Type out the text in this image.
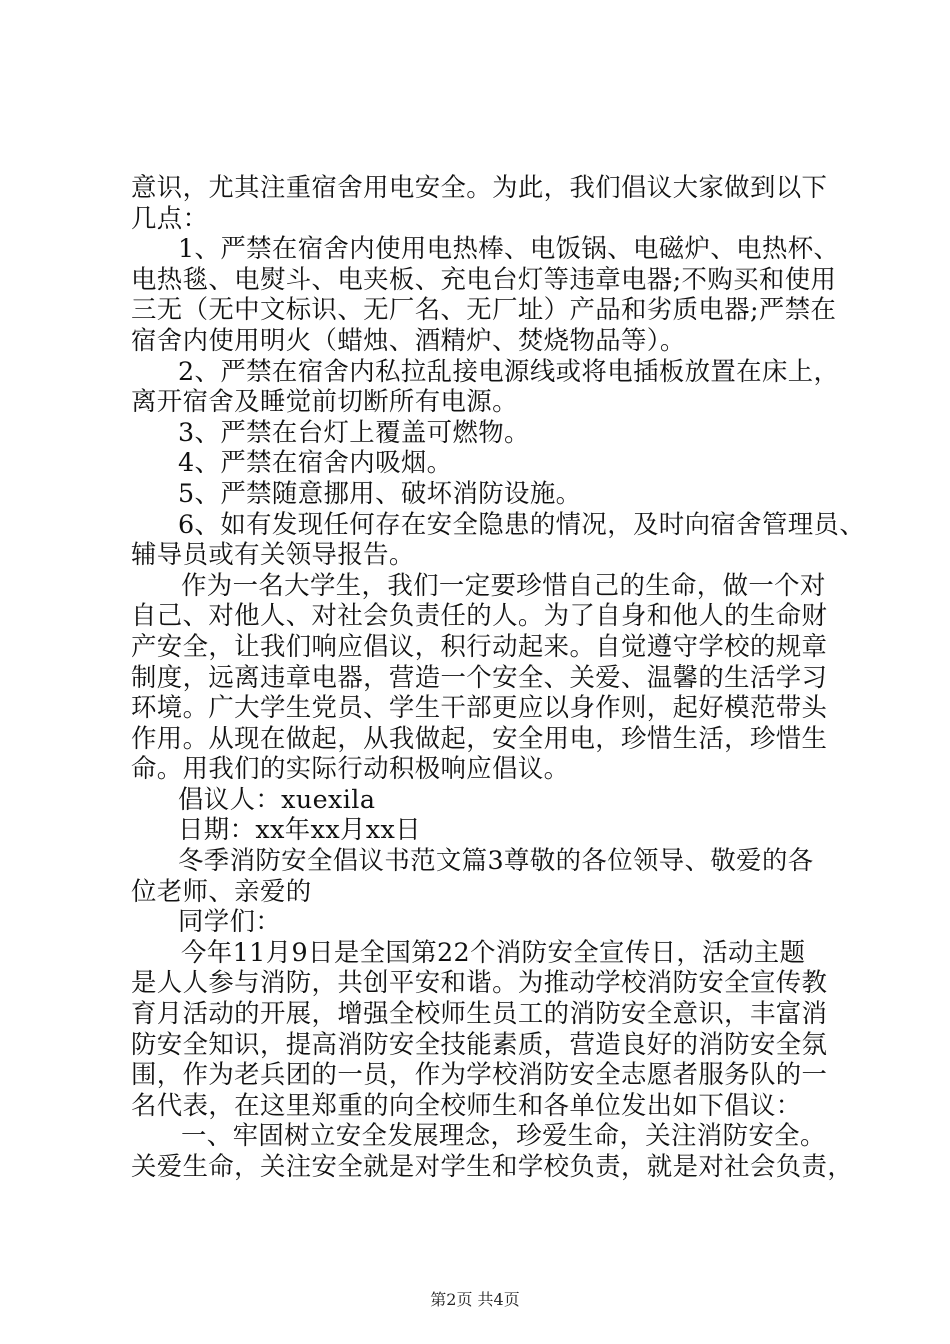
意识，尤其注重宿舍用电安全。为此，我们倡议大家做到以下
几点：
1、严禁在宿舍内使用电热棒、电饭锅、电磁炉、电热杯、
电热毯、电熨斗、电夹板、充电台灯等违章电器;不购买和使用
三无（无中文标识、无厂名、无厂址）产品和劣质电器;严禁在
宿舍内使用明火（蜡烛、酒精炉、焚烧物品等）。
2、严禁在宿舍内私拉乱接电源线或将电插板放置在床上，
离开宿舍及睡觉前切断所有电源。
3、严禁在台灯上覆盖可燃物。
4、严禁在宿舍内吸烟。
5、严禁随意挪用、破坏消防设施。
6、如有发现任何存在安全隐患的情况，及时向宿舍管理员、
辅导员或有关领导报告。
作为一名大学生，我们一定要珍惜自己的生命，做一个对
自己、对他人、对社会负责任的人。为了自身和他人的生命财
产安全，让我们响应倡议，积行动起来。自觉遵守学校的规章
制度，远离违章电器，营造一个安全、关爱、温馨的生活学习
环境。广大学生党员、学生干部更应以身作则，起好模范带头
作用。从现在做起，从我做起，安全用电，珍惜生活，珍惜生
命。用我们的实际行动积极响应倡议。
倡议人：xuexila
日期：xx年xx月xx日
冬季消防安全倡议书范文篇3尊敬的各位领导、敬爱的各
位老师、亲爱的
同学们：
今年11月9日是全国第22个消防安全宣传日，活动主题
是人人参与消防，共创平安和谐。为推动学校消防安全宣传教
育月活动的开展，增强全校师生员工的消防安全意识，丰富消
防安全知识，提高消防安全技能素质，营造良好的消防安全氛
围，作为老兵团的一员，作为学校消防安全志愿者服务队的一
名代表，在这里郑重的向全校师生和各单位发出如下倡议：
一、牢固树立安全发展理念，珍爱生命，关注消防安全。
关爱生命，关注安全就是对学生和学校负责，就是对社会负责，
第2页 共4页
